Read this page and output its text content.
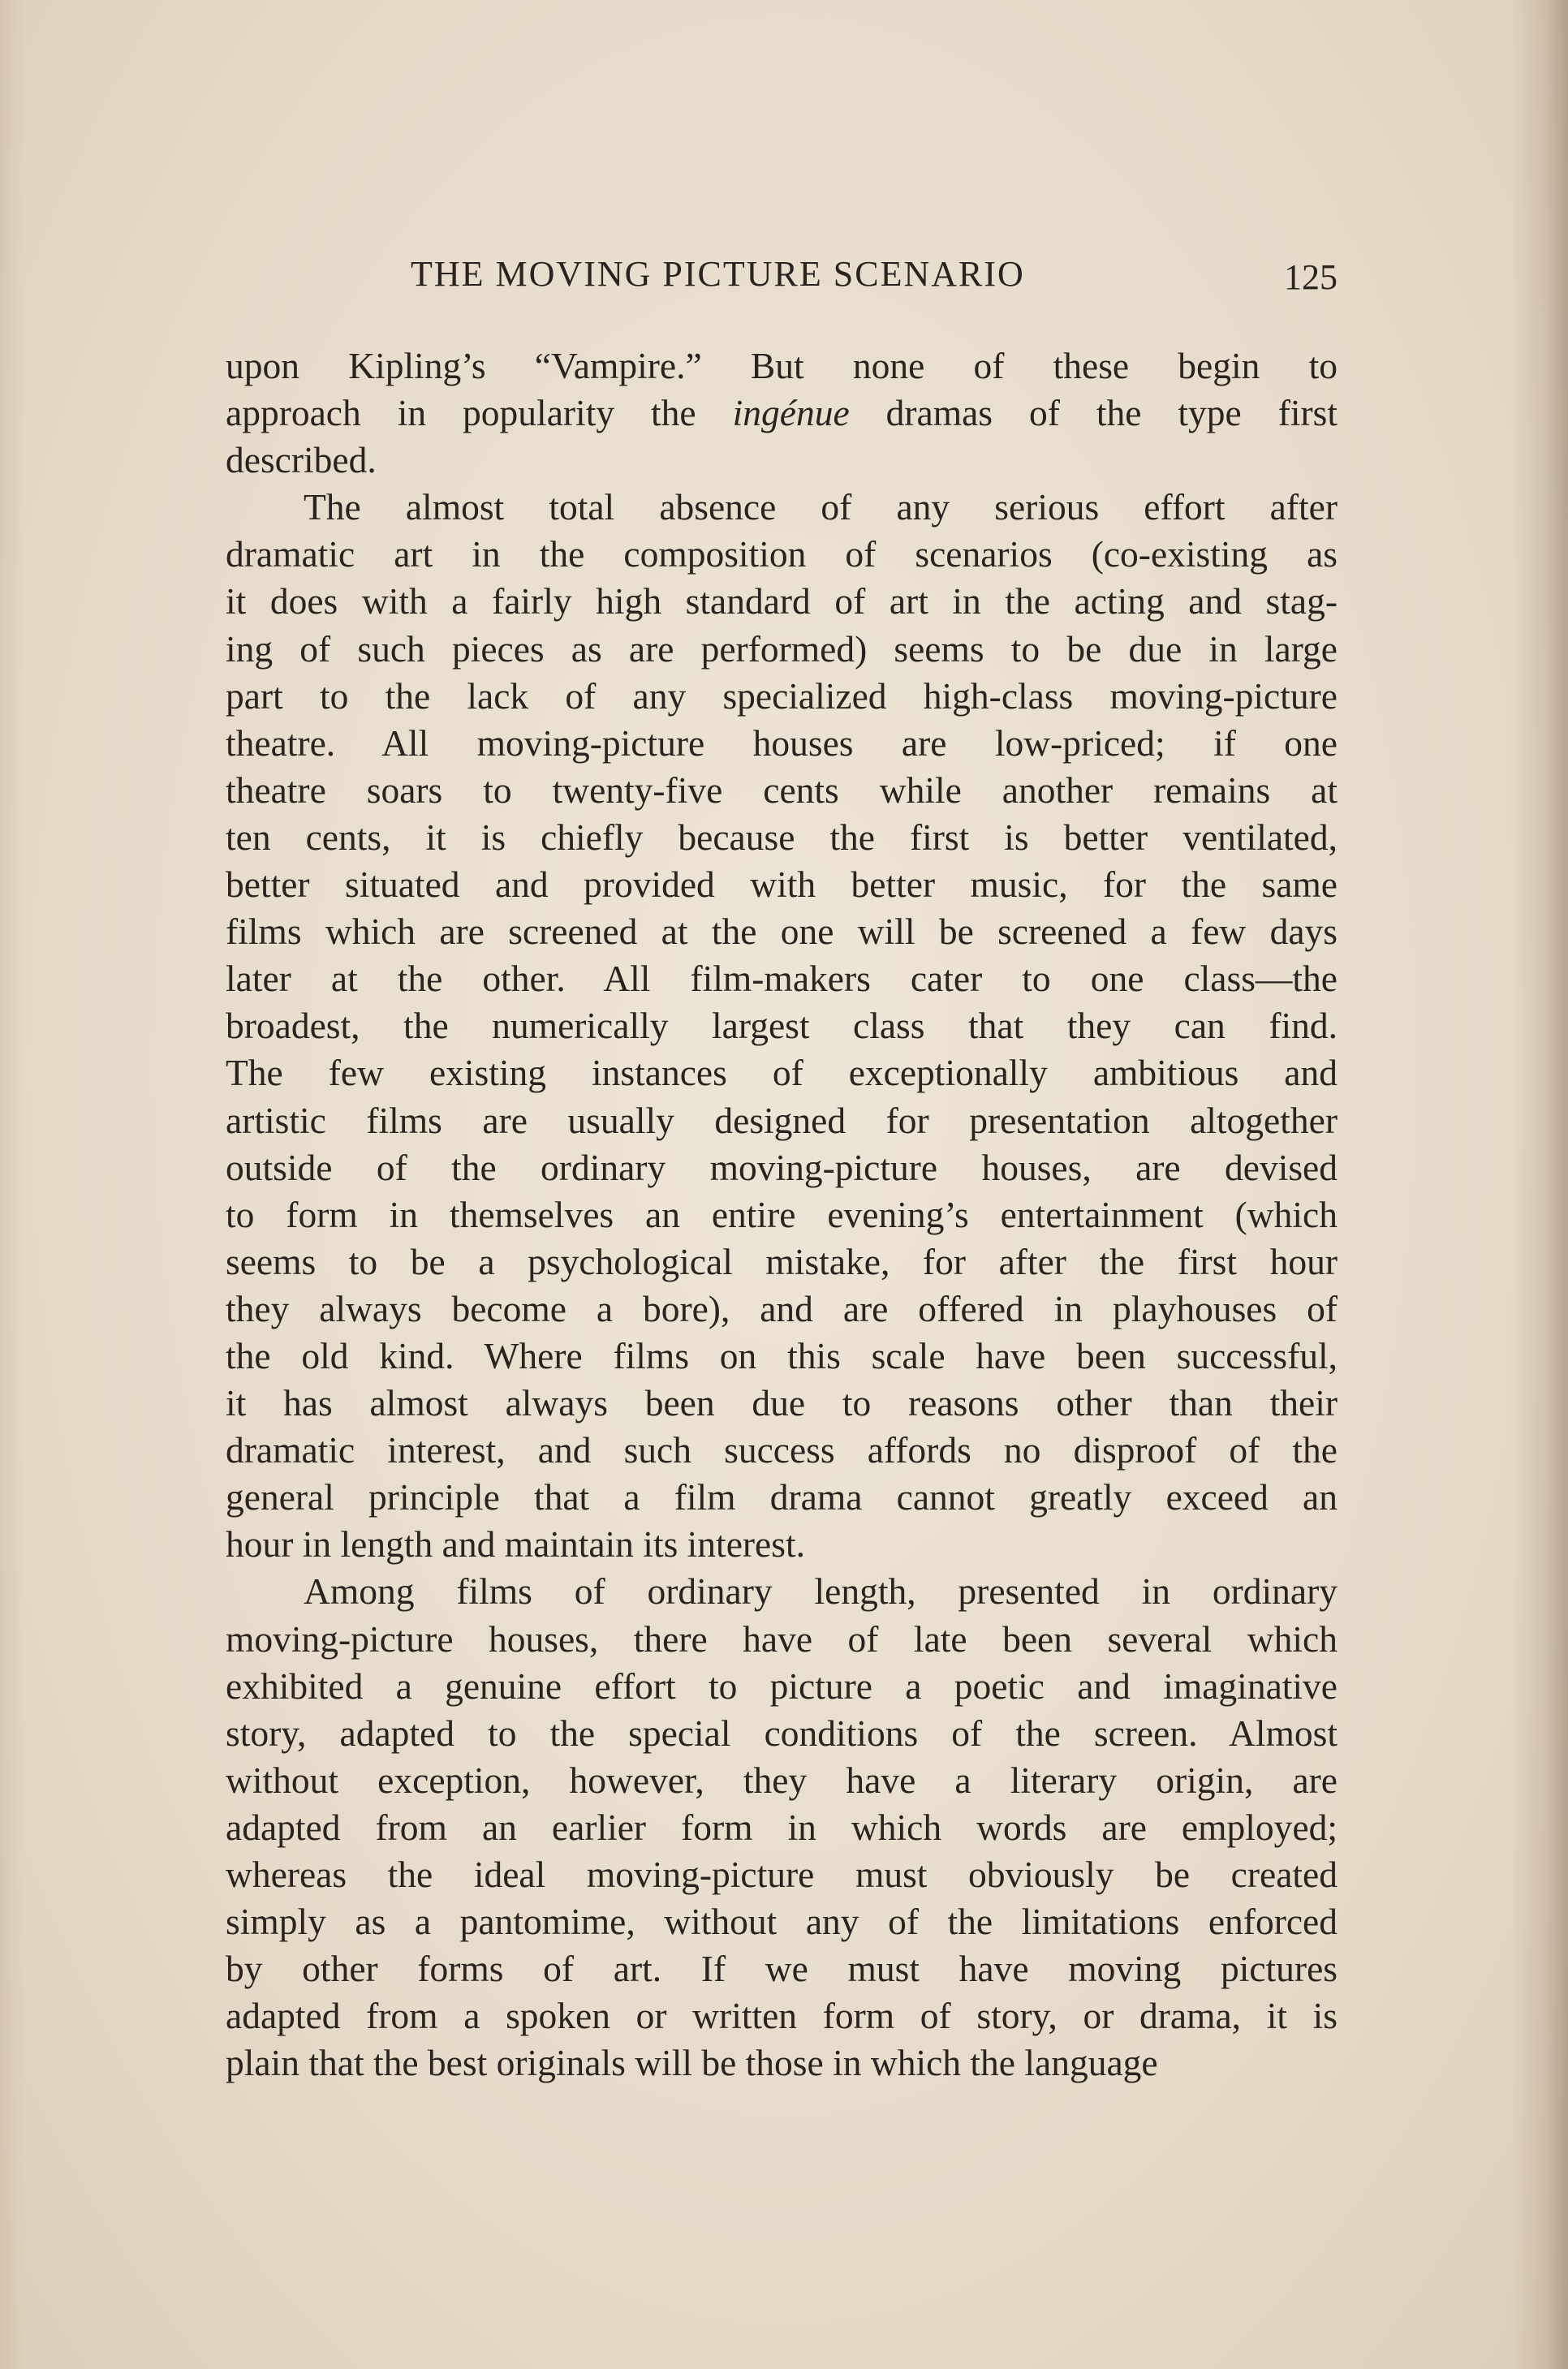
THE MOVING PICTURE SCENARIO	125
upon Kipling’s “Vampire.” But none of these begin to
approach in popularity the ingénue dramas of the type first
described.
The almost total absence of any serious effort after
dramatic art in the composition of scenarios (co-existing as
it does with a fairly high standard of art in the acting and stag-
ing of such pieces as are performed) seems to be due in large
part to the lack of any specialized high-class moving-picture
theatre. All moving-picture houses are low-priced; if one
theatre soars to twenty-five cents while another remains at
ten cents, it is chiefly because the first is better ventilated,
better situated and provided with better music, for the same
films which are screened at the one will be screened a few days
later at the other. All film-makers cater to one class—the
broadest, the numerically largest class that they can find.
The few existing instances of exceptionally ambitious and
artistic films are usually designed for presentation altogether
outside of the ordinary moving-picture houses, are devised
to form in themselves an entire evening’s entertainment (which
seems to be a psychological mistake, for after the first hour
they always become a bore), and are offered in playhouses of
the old kind. Where films on this scale have been successful,
it has almost always been due to reasons other than their
dramatic interest, and such success affords no disproof of the
general principle that a film drama cannot greatly exceed an
hour in length and maintain its interest.
Among films of ordinary length, presented in ordinary
moving-picture houses, there have of late been several which
exhibited a genuine effort to picture a poetic and imaginative
story, adapted to the special conditions of the screen. Almost
without exception, however, they have a literary origin, are
adapted from an earlier form in which words are employed;
whereas the ideal moving-picture must obviously be created
simply as a pantomime, without any of the limitations enforced
by other forms of art. If we must have moving pictures
adapted from a spoken or written form of story, or drama, it is
plain that the best originals will be those in which the language
